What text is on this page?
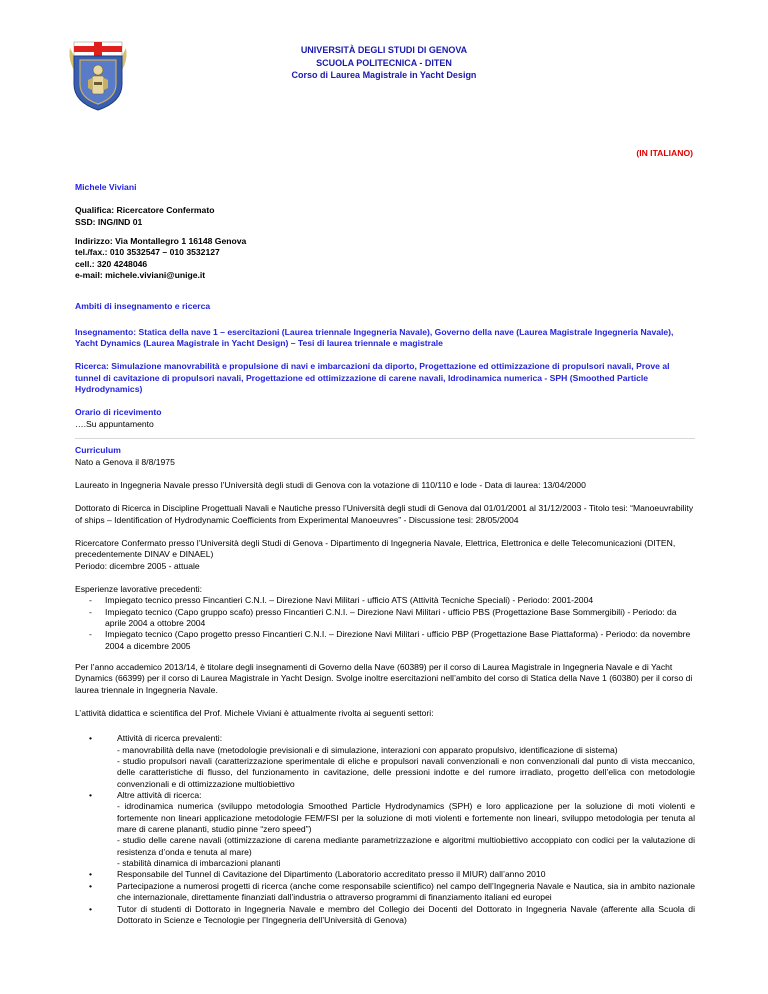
UNIVERSITÀ DEGLI STUDI DI GENOVA
SCUOLA POLITECNICA - DITEN
Corso di Laurea Magistrale in Yacht Design
(IN ITALIANO)
Michele Viviani
Qualifica: Ricercatore Confermato
SSD: ING/IND 01
Indirizzo: Via Montallegro 1 16148 Genova
tel./fax.: 010 3532547 – 010 3532127
cell.: 320 4248046
e-mail: michele.viviani@unige.it
Ambiti di insegnamento e ricerca
Insegnamento: Statica della nave 1 – esercitazioni (Laurea triennale Ingegneria Navale), Governo della nave (Laurea Magistrale Ingegneria Navale), Yacht Dynamics (Laurea Magistrale in Yacht Design) – Tesi di laurea triennale e magistrale
Ricerca: Simulazione manovrabilità e propulsione di navi e imbarcazioni da diporto, Progettazione ed ottimizzazione di propulsori navali, Prove al tunnel di cavitazione di propulsori navali, Progettazione ed ottimizzazione di carene navali, Idrodinamica numerica - SPH (Smoothed Particle Hydrodynamics)
Orario di ricevimento
….Su appuntamento
Curriculum
Nato a Genova il 8/8/1975
Laureato in Ingegneria Navale presso l’Università degli studi di Genova con la votazione di 110/110 e lode - Data di laurea: 13/04/2000
Dottorato di Ricerca in Discipline Progettuali Navali e Nautiche presso l’Università degli studi di Genova dal 01/01/2001 al 31/12/2003 - Titolo tesi: “Manoeuvrability of ships – Identification of Hydrodynamic Coefficients from Experimental Manoeuvres” - Discussione tesi: 28/05/2004
Ricercatore Confermato presso l’Università degli Studi di Genova - Dipartimento di Ingegneria Navale, Elettrica, Elettronica e delle Telecomunicazioni (DITEN, precedentemente DINAV e DINAEL)
Periodo: dicembre 2005 - attuale
Esperienze lavorative precedenti:
-	Impiegato tecnico presso Fincantieri C.N.I. – Direzione Navi Militari - ufficio ATS (Attività Tecniche Speciali) - Periodo: 2001-2004
-	Impiegato tecnico (Capo gruppo scafo) presso Fincantieri C.N.I. – Direzione Navi Militari - ufficio PBS (Progettazione Base Sommergibili) - Periodo: da aprile 2004 a ottobre 2004
-	Impiegato tecnico (Capo progetto presso Fincantieri C.N.I. – Direzione Navi Militari - ufficio PBP (Progettazione Base Piattaforma) - Periodo: da novembre 2004 a dicembre 2005
Per l’anno accademico 2013/14, è titolare degli insegnamenti di Governo della Nave (60389) per il corso di Laurea Magistrale in Ingegneria Navale e di Yacht Dynamics (66399) per il corso di Laurea Magistrale in Yacht Design. Svolge inoltre esercitazioni nell’ambito del corso di Statica della Nave 1 (60380) per il corso di laurea triennale in Ingegneria Navale.
L’attività didattica e scientifica del Prof. Michele Viviani è attualmente rivolta ai seguenti settori:
•	Attività di ricerca prevalenti:
- manovrabilità della nave (metodologie previsionali e di simulazione, interazioni con apparato propulsivo, identificazione di sistema)
- studio propulsori navali (caratterizzazione sperimentale di eliche e propulsori navali convenzionali e non convenzionali dal punto di vista meccanico, delle caratteristiche di flusso, del funzionamento in cavitazione, delle pressioni indotte e del rumore irradiato, progetto dell’elica con metodologie convenzionali e di ottimizzazione multiobiettivo
•	Altre attività di ricerca:
- idrodinamica numerica (sviluppo metodologia Smoothed Particle Hydrodynamics (SPH) e loro applicazione per la soluzione di moti violenti e fortemente non lineari applicazione metodologie FEM/FSI per la soluzione di moti violenti e fortemente non lineari, sviluppo metodologia per tenuta al mare di carene plananti, studio pinne “zero speed”)
- studio delle carene navali (ottimizzazione di carena mediante parametrizzazione e algoritmi multiobiettivo accoppiato con codici per la valutazione di resistenza d’onda e tenuta al mare)
- stabilità dinamica di imbarcazioni plananti
•	Responsabile del Tunnel di Cavitazione del Dipartimento (Laboratorio accreditato presso il MIUR) dall’anno 2010
•	Partecipazione a numerosi progetti di ricerca (anche come responsabile scientifico) nel campo dell’Ingegneria Navale e Nautica, sia in ambito nazionale che internazionale, direttamente finanziati dall’industria o attraverso programmi di finanziamento italiani ed europei
•	Tutor di studenti di Dottorato in Ingegneria Navale e membro del Collegio dei Docenti del Dottorato in Ingegneria Navale (afferente alla Scuola di Dottorato in Scienze e Tecnologie per l’Ingegneria dell’Università di Genova)
